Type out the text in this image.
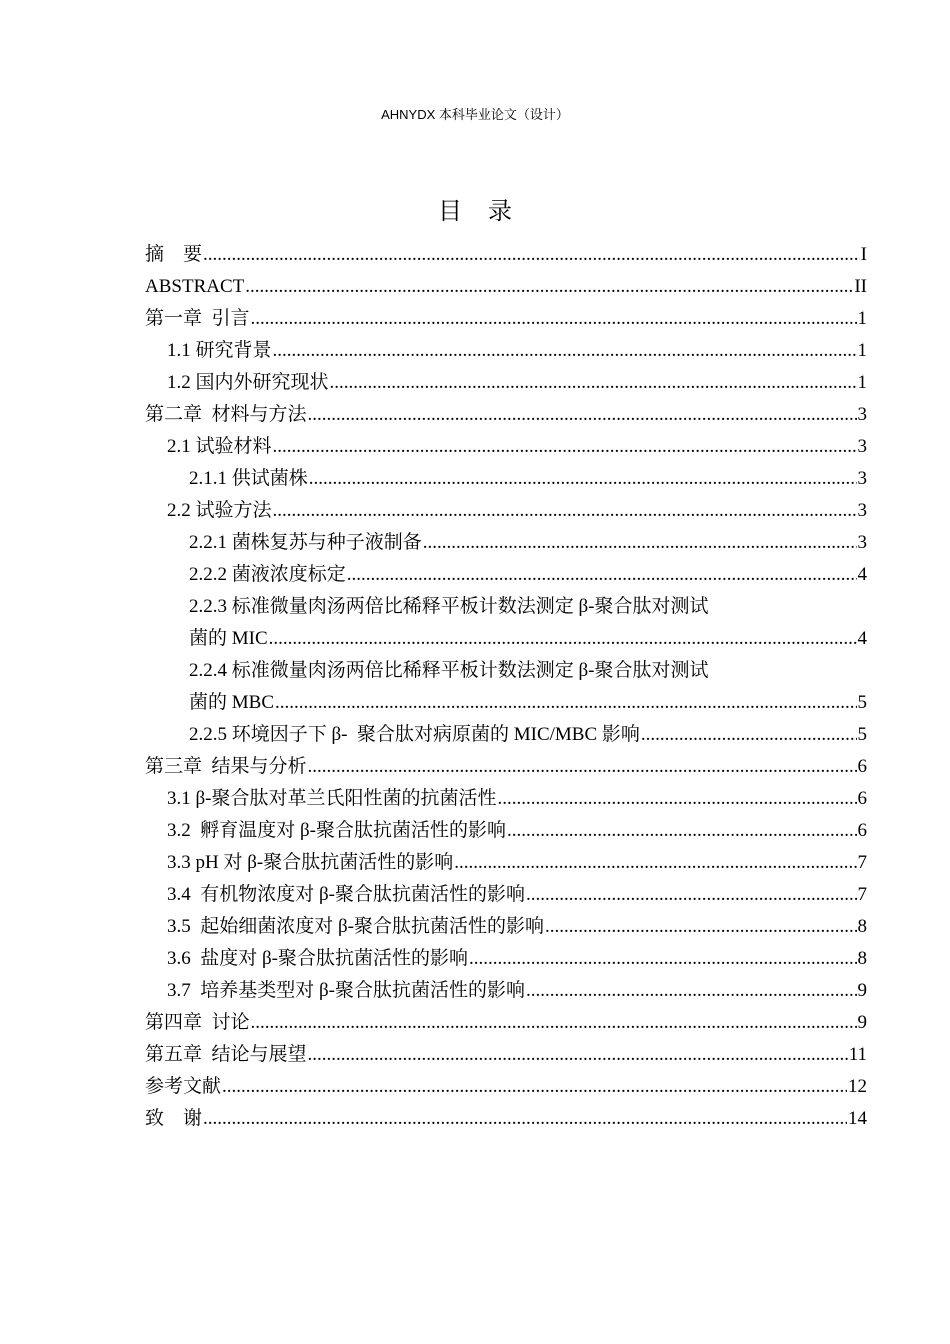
AHNYDX 本科毕业论文（设计）
目录
摘    要 .....	I
ABSTRACT .....	II
第一章  引言 .....	1
1.1 研究背景 .....	1
1.2 国内外研究现状 .....	1
第二章  材料与方法 .....	3
2.1 试验材料 .....	3
2.1.1 供试菌株 .....	3
2.2 试验方法 .....	3
2.2.1 菌株复苏与种子液制备 .....	3
2.2.2 菌液浓度标定 .....	4
2.2.3 标准微量肉汤两倍比稀释平板计数法测定 β-聚合肽对测试
菌的 MIC .....	4
2.2.4 标准微量肉汤两倍比稀释平板计数法测定 β-聚合肽对测试
菌的 MBC .....	5
2.2.5 环境因子下 β-  聚合肽对病原菌的 MIC/MBC 影响 .....	5
第三章  结果与分析 .....	6
3.1 β-聚合肽对革兰氏阳性菌的抗菌活性 .....	6
3.2  孵育温度对 β-聚合肽抗菌活性的影响 .....	6
3.3 pH 对 β-聚合肽抗菌活性的影响 .....	7
3.4  有机物浓度对 β-聚合肽抗菌活性的影响 .....	7
3.5  起始细菌浓度对 β-聚合肽抗菌活性的影响 .....	8
3.6  盐度对 β-聚合肽抗菌活性的影响 .....	8
3.7  培养基类型对 β-聚合肽抗菌活性的影响 .....	9
第四章  讨论 .....	9
第五章  结论与展望 .....	11
参考文献 .....	12
致    谢 .....	14
